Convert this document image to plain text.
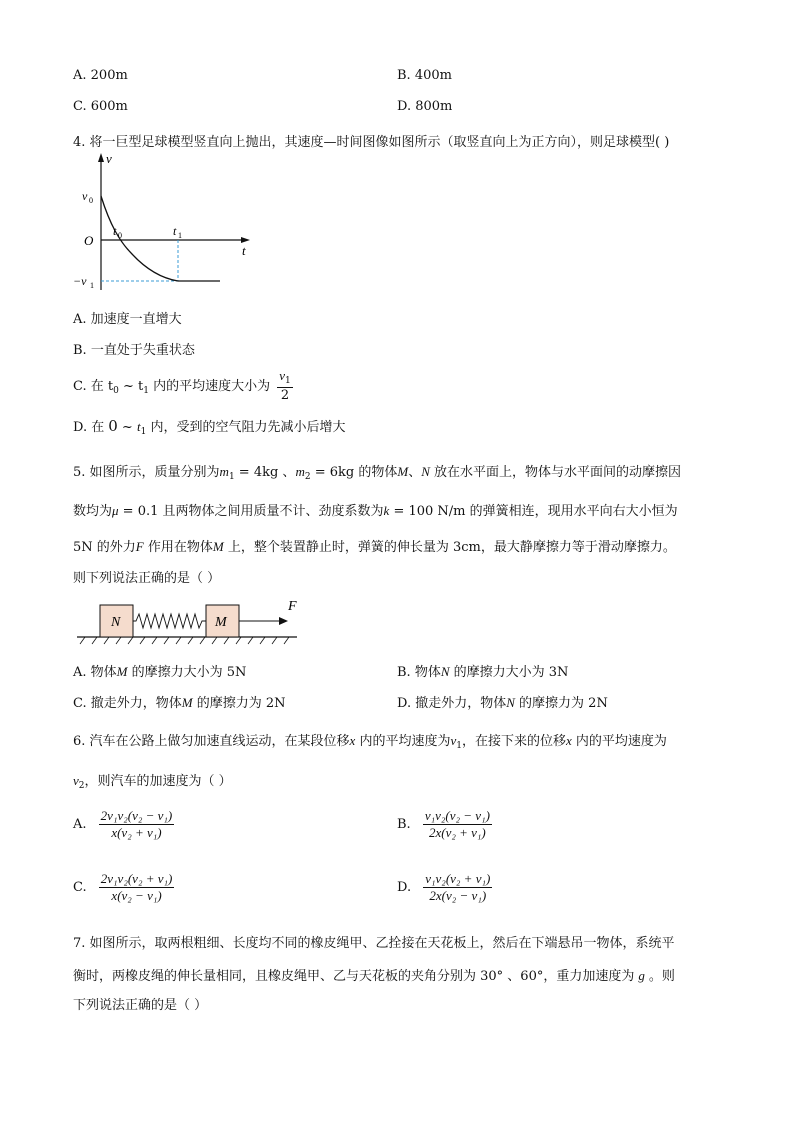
A. 200m	B. 400m
C. 600m	D. 800m
4. 将一巨型足球模型竖直向上抛出，其速度—时间图像如图所示（取竖直向上为正方向），则足球模型( )
v
v 0
O
t 0	t 1
t
−v 1
A. 加速度一直增大
B. 一直处于失重状态
C. 在 $t_0$ ~ $t_1$ 内的平均速度大小为 $\frac{v_1}{2}$
D. 在 0 ~ $t_1$ 内，受到的空气阻力先减小后增大
5. 如图所示，质量分别为$m_1 = 4kg$ 、$m_2 = 6kg$ 的物体M、N 放在水平面上，物体与水平面间的动摩擦因
数均为μ = 0.1 且两物体之间用质量不计、劲度系数为k = 100 N/m 的弹簧相连，现用水平向右大小恒为
5N 的外力F 作用在物体M 上，整个装置静止时，弹簧的伸长量为 3cm，最大静摩擦力等于滑动摩擦力。
则下列说法正确的是（ ）
N	M
F
A. 物体M 的摩擦力大小为 5N	B. 物体N 的摩擦力大小为 3N
C. 撤走外力，物体M 的摩擦力为 2N	D. 撤走外力，物体N 的摩擦力为 2N
6. 汽车在公路上做匀加速直线运动，在某段位移x 内的平均速度为$v_1$，在接下来的位移x 内的平均速度为
$v_2$，则汽车的加速度为（ ）
A. $\frac{\text{2v₁v₂(v₂ − v₁)}}{\text{x(v₂ + v₁)}}$	B. $\frac{\text{v₁v₂(v₂ − v₁)}}{\text{2x(v₂ + v₁)}}$
C. $\frac{\text{2v₁v₂(v₂ + v₁)}}{\text{x(v₂ − v₁)}}$	D. $\frac{\text{v₁v₂(v₂ + v₁)}}{\text{2x(v₂ − v₁)}}$
7. 如图所示，取两根粗细、长度均不同的橡皮绳甲、乙拴接在天花板上，然后在下端悬吊一物体，系统平
衡时，两橡皮绳的伸长量相同，且橡皮绳甲、乙与天花板的夹角分别为 30° 、60°，重力加速度为 g 。则
下列说法正确的是（ ）
